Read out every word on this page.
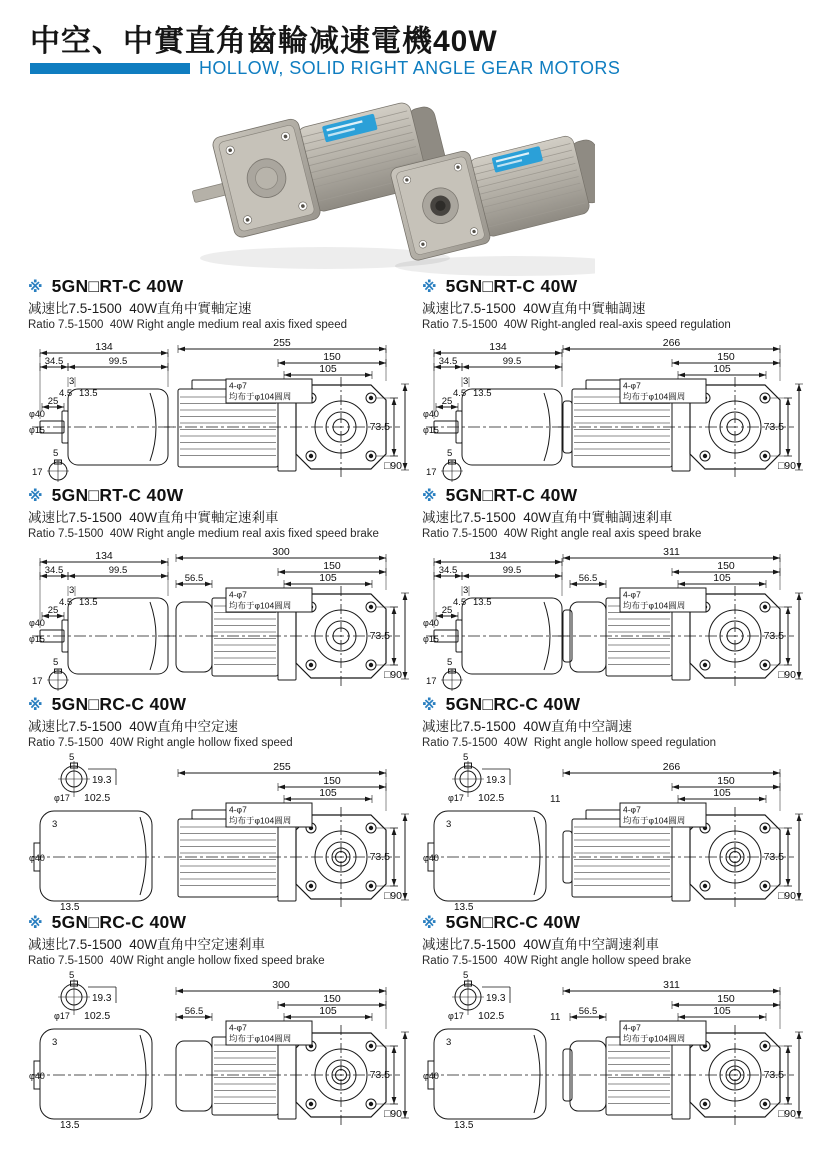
中空、中實直角齒輪减速電機40W
HOLLOW, SOLID RIGHT ANGLE GEAR MOTORS
※ 5GN□RT-C 40W
减速比7.5-1500  40W直角中實軸定速
Ratio 7.5-1500  40W Right angle medium real axis fixed speed
134
34.5	99.5
3
4.5 13.5
φ40
φ15
25
5
17
255
150
105
4-φ7
均布于φ104圓周
73.5
□90
※ 5GN□RT-C 40W
减速比7.5-1500  40W直角中實軸調速
Ratio 7.5-1500  40W Right-angled real-axis speed regulation
134
34.5	99.5
3
4.5 13.5
φ40
φ15
25
5
17
266
150
105
4-φ7
均布于φ104圓周
73.5
□90
※ 5GN□RT-C 40W
减速比7.5-1500  40W直角中實軸定速剎車
Ratio 7.5-1500  40W Right angle medium real axis fixed speed brake
134
34.5	99.5
3
4.5 13.5
φ40
φ15
25
5
17
300
150
105
56.5
4-φ7
均布于φ104圓周
73.5
□90
※ 5GN□RT-C 40W
减速比7.5-1500  40W直角中實軸調速剎車
Ratio 7.5-1500  40W Right angle real axis speed brake
134
34.5	99.5
3
4.5 13.5
φ40
φ15
25
5
17
311
150
105
56.5
4-φ7
均布于φ104圓周
73.5
□90
※ 5GN□RC-C 40W
减速比7.5-1500  40W直角中空定速
Ratio 7.5-1500  40W Right angle hollow fixed speed
5
19.3
φ17 102.5
3
φ40
13.5
255
150
105
4-φ7
均布于φ104圓周
73.5
□90
※ 5GN□RC-C 40W
减速比7.5-1500  40W直角中空調速
Ratio 7.5-1500  40W  Right angle hollow speed regulation
5
19.3
φ17 102.5
3
φ40
13.5
266
150
105
11
4-φ7
均布于φ104圓周
73.5
□90
※ 5GN□RC-C 40W
减速比7.5-1500  40W直角中空定速剎車
Ratio 7.5-1500  40W Right angle hollow fixed speed brake
5
19.3
φ17 102.5
3
φ40
13.5
300
150
105
56.5
4-φ7
均布于φ104圓周
73.5
□90
※ 5GN□RC-C 40W
减速比7.5-1500  40W直角中空調速剎車
Ratio 7.5-1500  40W Right angle hollow speed brake
5
19.3
φ17 102.5
3
φ40
13.5
311
150
105
56.5
11
4-φ7
均布于φ104圓周
73.5
□90
